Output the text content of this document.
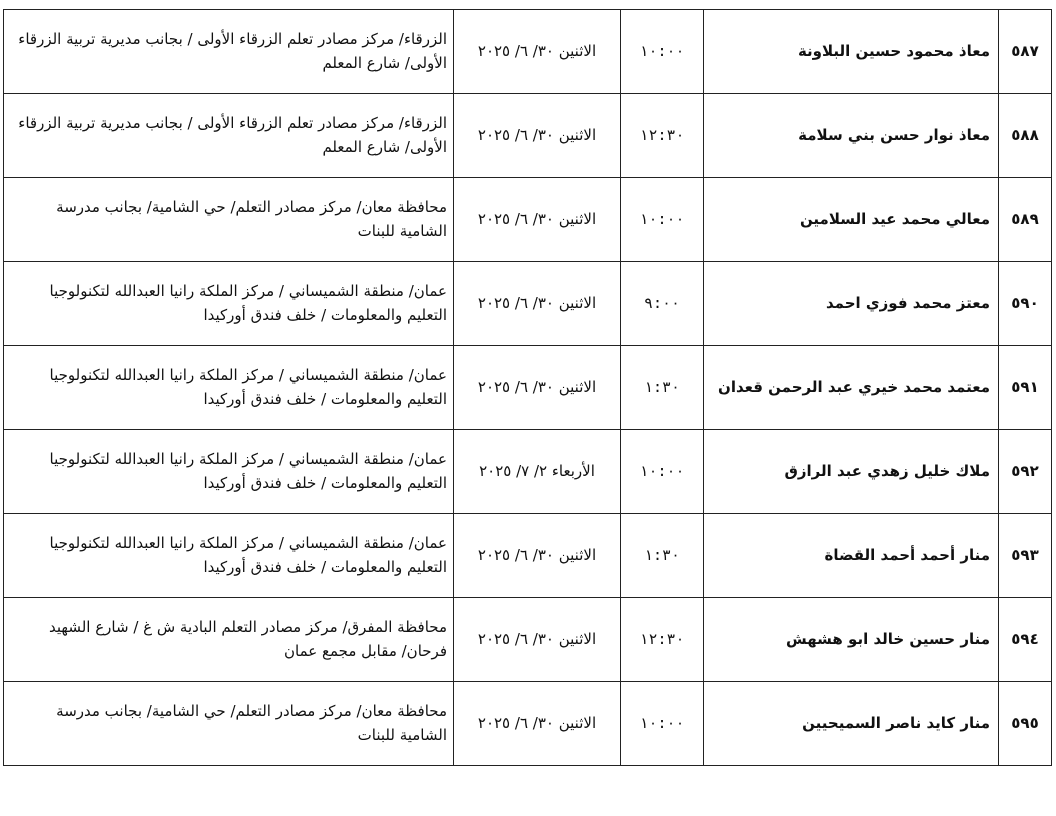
٥٨٧	معاذ محمود حسين البلاونة	١٠:٠٠	الاثنين ٣٠/ ٦/ ٢٠٢٥	الزرقاء/ مركز مصادر تعلم الزرقاء الأولى / بجانب مديرية تربية الزرقاء الأولى/ شارع المعلم
٥٨٨	معاذ نوار حسن بني سلامة	١٢:٣٠	الاثنين ٣٠/ ٦/ ٢٠٢٥	الزرقاء/ مركز مصادر تعلم الزرقاء الأولى / بجانب مديرية تربية الزرقاء الأولى/ شارع المعلم
٥٨٩	معالي محمد عيد السلامين	١٠:٠٠	الاثنين ٣٠/ ٦/ ٢٠٢٥	محافظة معان/ مركز مصادر التعلم/ حي الشامية/ بجانب مدرسة الشامية للبنات
٥٩٠	معتز محمد فوزي احمد	٩:٠٠	الاثنين ٣٠/ ٦/ ٢٠٢٥	عمان/ منطقة الشميساني / مركز الملكة رانيا العبدالله لتكنولوجيا التعليم والمعلومات / خلف فندق أوركيدا
٥٩١	معتمد محمد خيري عبد الرحمن قعدان	١:٣٠	الاثنين ٣٠/ ٦/ ٢٠٢٥	عمان/ منطقة الشميساني / مركز الملكة رانيا العبدالله لتكنولوجيا التعليم والمعلومات / خلف فندق أوركيدا
٥٩٢	ملاك خليل زهدي عبد الرازق	١٠:٠٠	الأربعاء ٢/ ٧/ ٢٠٢٥	عمان/ منطقة الشميساني / مركز الملكة رانيا العبدالله لتكنولوجيا التعليم والمعلومات / خلف فندق أوركيدا
٥٩٣	منار أحمد أحمد القضاة	١:٣٠	الاثنين ٣٠/ ٦/ ٢٠٢٥	عمان/ منطقة الشميساني / مركز الملكة رانيا العبدالله لتكنولوجيا التعليم والمعلومات / خلف فندق أوركيدا
٥٩٤	منار حسين خالد ابو هشهش	١٢:٣٠	الاثنين ٣٠/ ٦/ ٢٠٢٥	محافظة المفرق/ مركز مصادر التعلم البادية ش غ / شارع الشهيد فرحان/ مقابل مجمع عمان
٥٩٥	منار كايد ناصر السميحيين	١٠:٠٠	الاثنين ٣٠/ ٦/ ٢٠٢٥	محافظة معان/ مركز مصادر التعلم/ حي الشامية/ بجانب مدرسة الشامية للبنات
